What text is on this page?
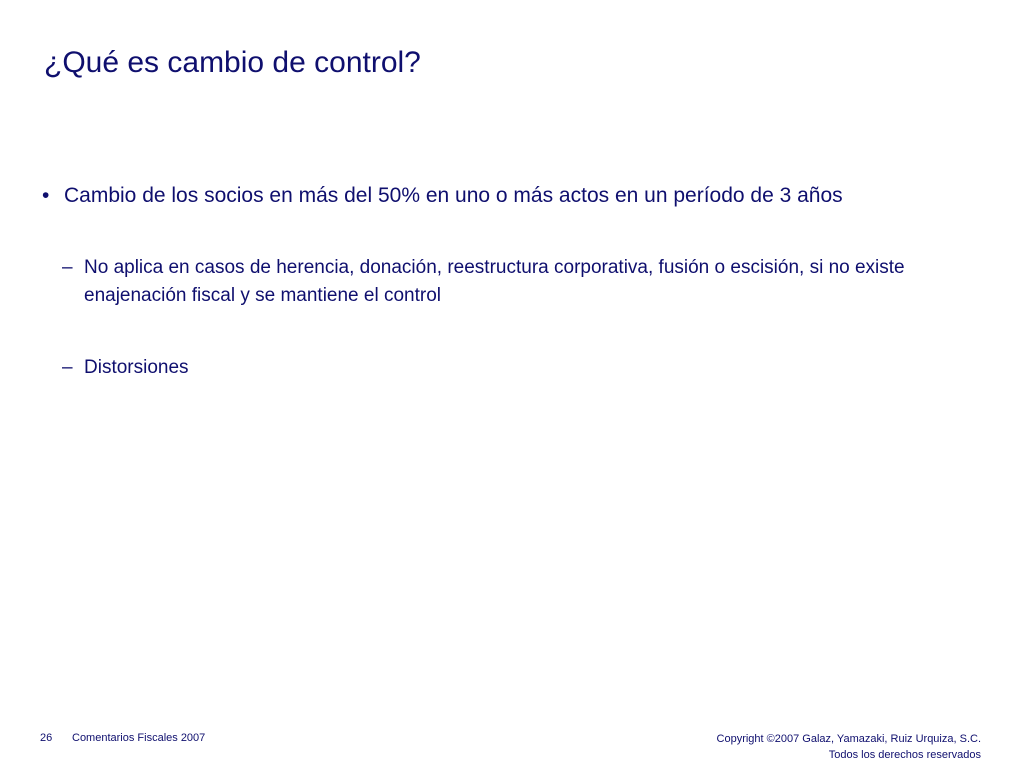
¿Qué es cambio de control?
• Cambio de los socios en más del 50% en uno o más actos en un período de 3 años
– No aplica en casos de herencia, donación, reestructura corporativa, fusión o escisión, si no existe enajenación fiscal y se mantiene el control
– Distorsiones
26 Comentarios Fiscales 2007	Copyright ©2007 Galaz, Yamazaki, Ruiz Urquiza, S.C.
Todos los derechos reservados
